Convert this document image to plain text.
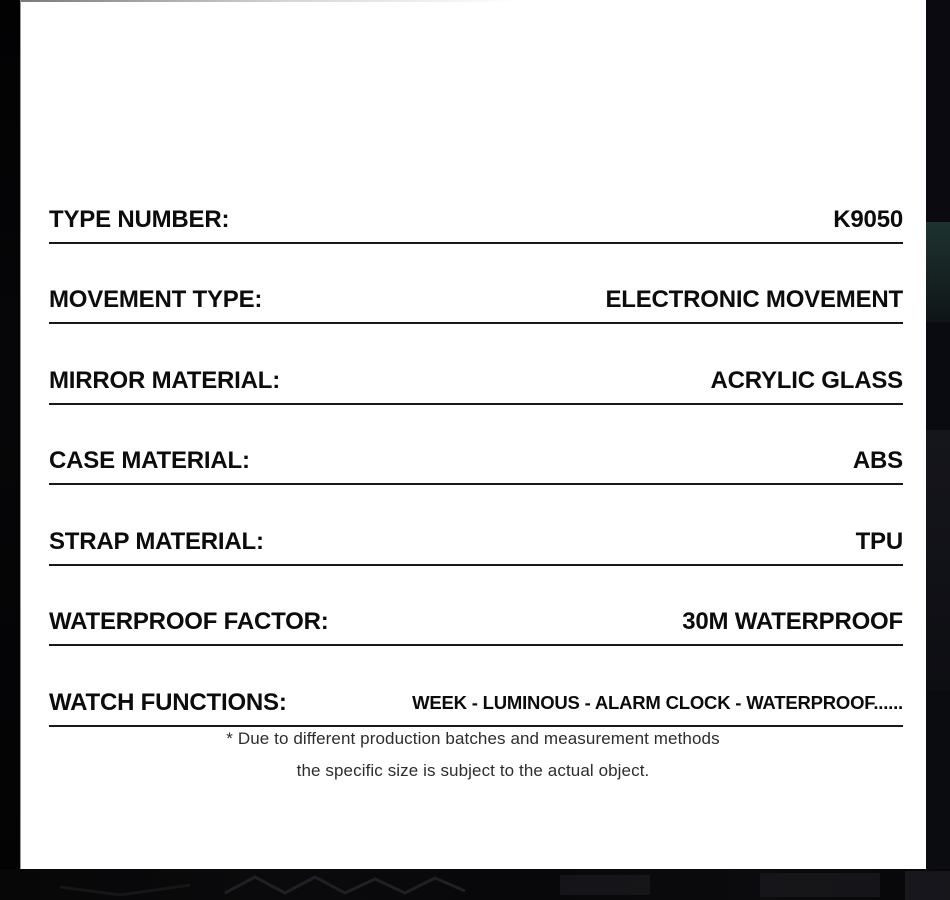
TYPE NUMBER:	K9050
MOVEMENT TYPE:	ELECTRONIC MOVEMENT
MIRROR MATERIAL:	ACRYLIC GLASS
CASE MATERIAL:	ABS
STRAP MATERIAL:	TPU
WATERPROOF FACTOR:	30M WATERPROOF
WATCH FUNCTIONS:	WEEK - LUMINOUS - ALARM CLOCK - WATERPROOF......
* Due to different production batches and measurement methods
the specific size is subject to the actual object.
